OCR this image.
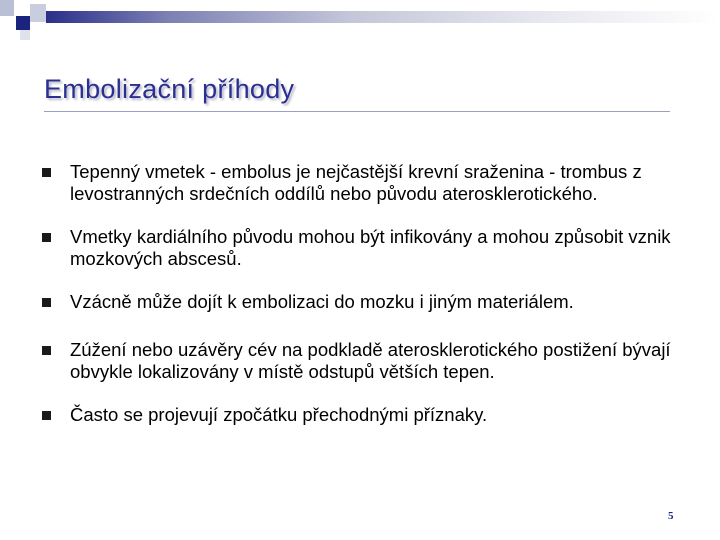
Embolizační příhody
Tepenný vmetek - embolus je nejčastější krevní sraženina - trombus z levostranných srdečních oddílů nebo původu aterosklerotického.
Vmetky kardiálního původu mohou být infikovány a mohou způsobit vznik mozkových abscesů.
Vzácně může dojít k embolizaci do mozku i jiným materiálem.
Zúžení nebo uzávěry cév na podkladě aterosklerotického postižení bývají obvykle lokalizovány v místě odstupů větších tepen.
Často se projevují zpočátku přechodnými příznaky.
5
